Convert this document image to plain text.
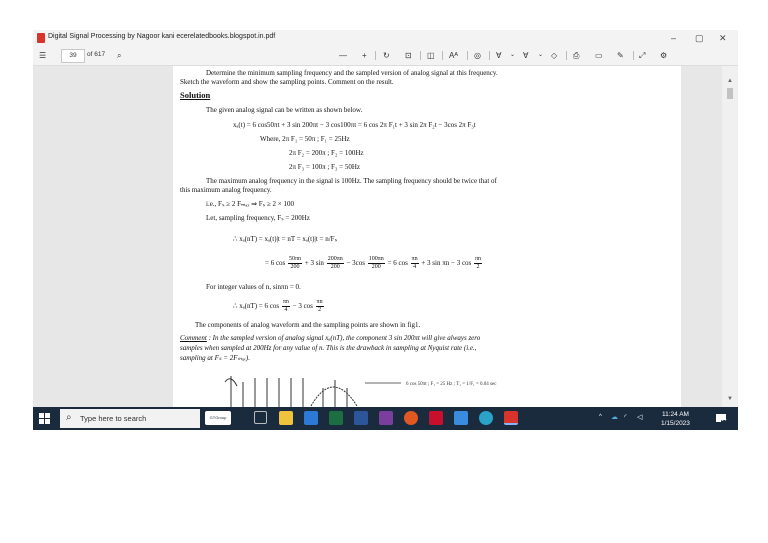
Digital Signal Processing by Nagoor kani ecerelatedbooks.blogspot.in.pdf	– ▢ ✕
☰	39	of 617 ⌕	— + ↻ ⊡ ◫ Aᴬ ◎ ∀ ⌄ ∀ ⌄ ◇ ⎙ ▭ ✎ ⤢ ⚙
Determine the minimum sampling frequency and the sampled version of analog signal at this frequency.
Sketch the waveform and show the sampling points. Comment on the result.
Solution
The given analog signal can be written as shown below.
xₐ(t) = 6 cos50πt + 3 sin 200πt − 3 cos100πt = 6 cos 2π F₁t + 3 sin 2π F₂t − 3cos 2π F₃t
Where, 2π F₁ = 50π ; F₁ = 25Hz
2π F₂ = 200π ; F₂ = 100Hz
2π F₃ = 100π ; F₃ = 50Hz
The maximum analog frequency in the signal is 100Hz. The sampling frequency should be twice that of
this maximum analog frequency.
i.e., Fₛ ≥ 2 Fₘₐₓ ⇒ Fₛ ≥ 2 × 100
Let, sampling frequency, Fₛ = 200Hz
∴ xₐ(nT) = xₐ(t)|t = nT = xₐ(t)|t = n/Fₛ
= 6 $\cos \frac{50\pi n}{200} + 3$ $\sin \frac{200\pi n}{200} - 3\cos \frac{100\pi n}{200} = 6$ $\cos \frac{\pi n}{4} + 3$ sin πn − 3 $\cos \frac{\pi n}{2}$
For integer values of n, sinπn = 0.
∴ xₐ(nT) = 6 $\cos \frac{\pi n}{4} - 3$ $\cos \frac{\pi n}{2}$
The components of analog waveform and the sampling points are shown in fig1.
Comment : In the sampled version of analog signal xₐ(nT), the component 3 sin 200πt will give always zero
samples when sampled at 200Hz for any value of n. This is the drawback in sampling at Nyquist rate (i.e.,
sampling at Fₛ = 2Fₘₐₓ).
6 cos 50πt ; F₁ = 25 Hz ; T₁ = 1/F₁ = 0.04 sec
▲
▼
⌕ Type here to search	GTGroup	^ ☁ ◜ ◁	11:24 AM
1/15/2023	14
